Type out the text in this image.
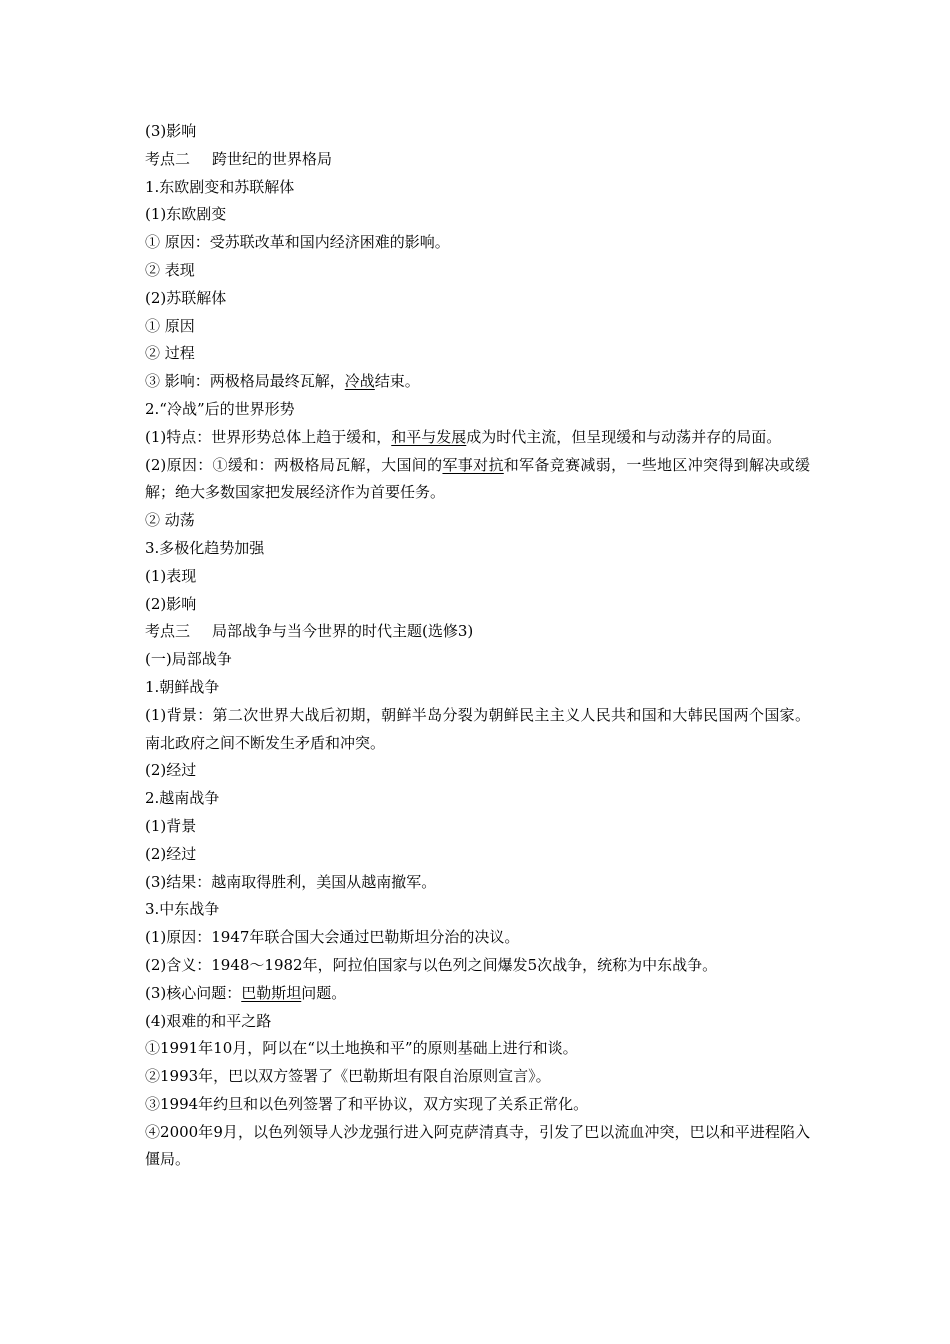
(3)影响
考点二 跨世纪的世界格局
1.东欧剧变和苏联解体
(1)东欧剧变
① 原因：受苏联改革和国内经济困难的影响。
② 表现
(2)苏联解体
① 原因
② 过程
③ 影响：两极格局最终瓦解，冷战结束。
2.“冷战”后的世界形势
(1)特点：世界形势总体上趋于缓和，和平与发展成为时代主流，但呈现缓和与动荡并存的局面。
(2)原因：①缓和：两极格局瓦解，大国间的军事对抗和军备竞赛减弱，一些地区冲突得到解决或缓解；绝大多数国家把发展经济作为首要任务。
② 动荡
3.多极化趋势加强
(1)表现
(2)影响
考点三 局部战争与当今世界的时代主题(选修3)
(一)局部战争
1.朝鲜战争
(1)背景：第二次世界大战后初期，朝鲜半岛分裂为朝鲜民主主义人民共和国和大韩民国两个国家。南北政府之间不断发生矛盾和冲突。
(2)经过
2.越南战争
(1)背景
(2)经过
(3)结果：越南取得胜利，美国从越南撤军。
3.中东战争
(1)原因：1947年联合国大会通过巴勒斯坦分治的决议。
(2)含义：1948～1982年，阿拉伯国家与以色列之间爆发5次战争，统称为中东战争。
(3)核心问题：巴勒斯坦问题。
(4)艰难的和平之路
①1991年10月，阿以在“以土地换和平”的原则基础上进行和谈。
②1993年，巴以双方签署了《巴勒斯坦有限自治原则宣言》。
③1994年约旦和以色列签署了和平协议，双方实现了关系正常化。
④2000年9月，以色列领导人沙龙强行进入阿克萨清真寺，引发了巴以流血冲突，巴以和平进程陷入僵局。
